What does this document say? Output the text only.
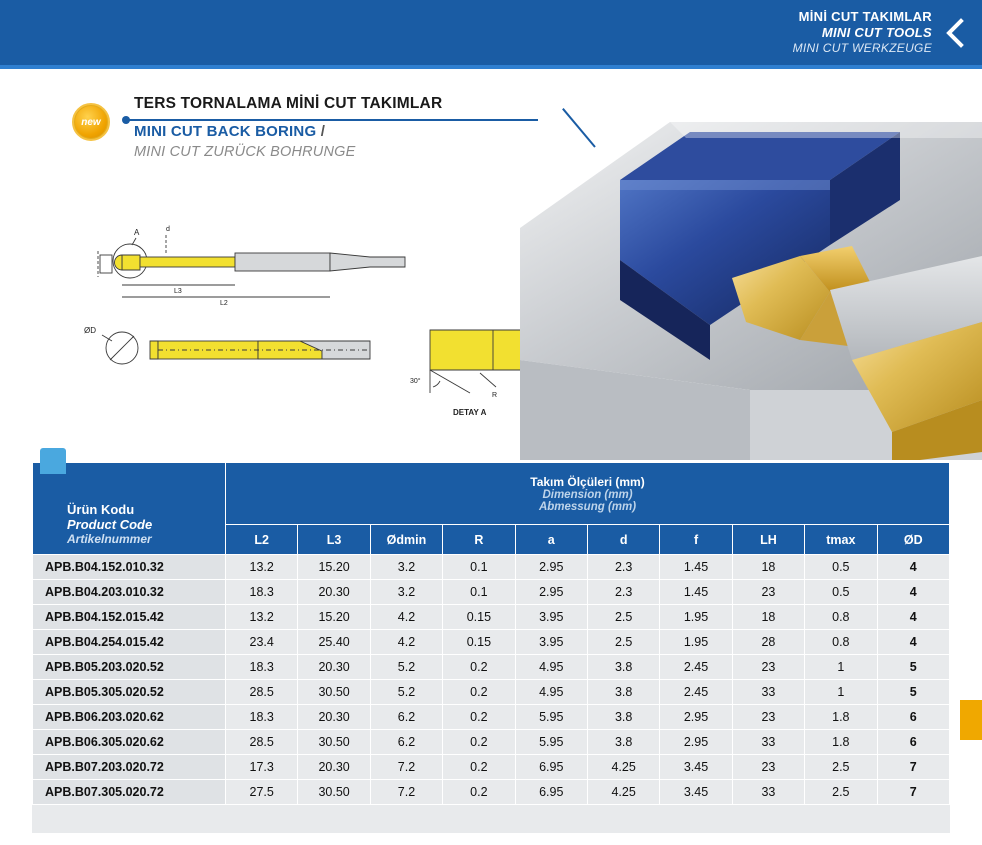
MİNİ CUT TAKIMLAR
MINI CUT TOOLS
MINI CUT WERKZEUGE
new
TERS TORNALAMA MİNİ CUT TAKIMLAR
MINI CUT BACK BORING /
MINI CUT ZURÜCK BOHRUNGE
A
L3
L2
d
ØD
30°
R
DETAY A
Ürün Kodu
Product Code
Artikelnummer

Takım Ölçüleri (mm)
Dimension (mm)
Abmessung (mm)

	L2	L3	Ødmin	R	a	d	f	LH	tmax	ØD
APB.B04.152.010.32	13.2	15.20	3.2	0.1	2.95	2.3	1.45	18	0.5	4
APB.B04.203.010.32	18.3	20.30	3.2	0.1	2.95	2.3	1.45	23	0.5	4
APB.B04.152.015.42	13.2	15.20	4.2	0.15	3.95	2.5	1.95	18	0.8	4
APB.B04.254.015.42	23.4	25.40	4.2	0.15	3.95	2.5	1.95	28	0.8	4
APB.B05.203.020.52	18.3	20.30	5.2	0.2	4.95	3.8	2.45	23	1	5
APB.B05.305.020.52	28.5	30.50	5.2	0.2	4.95	3.8	2.45	33	1	5
APB.B06.203.020.62	18.3	20.30	6.2	0.2	5.95	3.8	2.95	23	1.8	6
APB.B06.305.020.62	28.5	30.50	6.2	0.2	5.95	3.8	2.95	33	1.8	6
APB.B07.203.020.72	17.3	20.30	7.2	0.2	6.95	4.25	3.45	23	2.5	7
APB.B07.305.020.72	27.5	30.50	7.2	0.2	6.95	4.25	3.45	33	2.5	7
